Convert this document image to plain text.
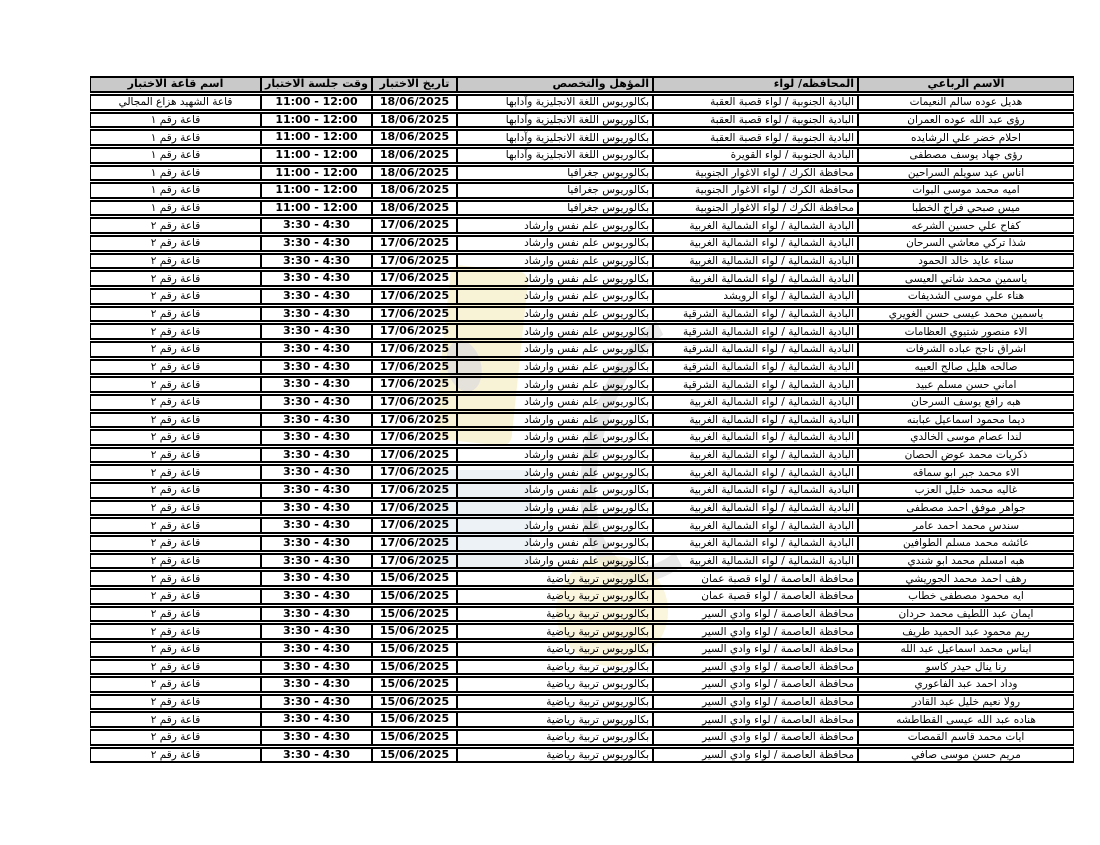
الاسم الرباعي	المحافظه/ لواء	المؤهل والتخصص	تاريخ الاختبار	وقت جلسة الاختبار	اسم قاعة الاختبار
هديل عوده سالم النعيمات	البادية الجنوبية / لواء قصبة العقبة	بكالوريوس اللغة الانجليزية وآدابها	18/06/2025	11:00 - 12:00	قاعة الشهيد هزاع المجالي
رؤى عبد الله عوده العمران	البادية الجنوبية / لواء قصبة العقبة	بكالوريوس اللغة الانجليزية وآدابها	18/06/2025	11:00 - 12:00	قاعة رقم ١
احلام خضر علي الرشايده	البادية الجنوبية / لواء قصبة العقبة	بكالوريوس اللغة الانجليزية وآدابها	18/06/2025	11:00 - 12:00	قاعة رقم ١
رؤى جهاد يوسف مصطفى	البادية الجنوبية / لواء القويرة	بكالوريوس اللغة الانجليزية وآدابها	18/06/2025	11:00 - 12:00	قاعة رقم ١
اناس عيد سويلم السراحين	محافظة الكرك / لواء الاغوار الجنوبية	بكالوريوس جغرافيا	18/06/2025	11:00 - 12:00	قاعة رقم ١
اميه محمد موسى البوات	محافظة الكرك / لواء الاغوار الجنوبية	بكالوريوس جغرافيا	18/06/2025	11:00 - 12:00	قاعة رقم ١
ميس صبحي فراج الخطبا	محافظة الكرك / لواء الاغوار الجنوبية	بكالوريوس جغرافيا	18/06/2025	11:00 - 12:00	قاعة رقم ١
كفاح علي حسين الشرعه	البادية الشمالية / لواء الشمالية الغربية	بكالوريوس علم نفس وارشاد	17/06/2025	3:30 - 4:30	قاعة رقم ٢
شذا تركي معاشي السرحان	البادية الشمالية / لواء الشمالية الغربية	بكالوريوس علم نفس وارشاد	17/06/2025	3:30 - 4:30	قاعة رقم ٢
سناء عايد خالد الحمود	البادية الشمالية / لواء الشمالية الغربية	بكالوريوس علم نفس وارشاد	17/06/2025	3:30 - 4:30	قاعة رقم ٢
ياسمين محمد شاتي العيسى	البادية الشمالية / لواء الشمالية الغربية	بكالوريوس علم نفس وارشاد	17/06/2025	3:30 - 4:30	قاعة رقم ٢
هناء علي موسى الشديفات	البادية الشمالية / لواء الرويشد	بكالوريوس علم نفس وارشاد	17/06/2025	3:30 - 4:30	قاعة رقم ٢
ياسمين محمد عيسى حسن الغويري	البادية الشمالية / لواء الشمالية الشرقية	بكالوريوس علم نفس وارشاد	17/06/2025	3:30 - 4:30	قاعة رقم ٢
الاء منصور شتيوي العظامات	البادية الشمالية / لواء الشمالية الشرقية	بكالوريوس علم نفس وارشاد	17/06/2025	3:30 - 4:30	قاعة رقم ٢
اشراق ناجح عباده الشرفات	البادية الشمالية / لواء الشمالية الشرقية	بكالوريوس علم نفس وارشاد	17/06/2025	3:30 - 4:30	قاعة رقم ٢
صالحه هليل صالح العبيه	البادية الشمالية / لواء الشمالية الشرقية	بكالوريوس علم نفس وارشاد	17/06/2025	3:30 - 4:30	قاعة رقم ٢
اماني حسن مسلم عبيد	البادية الشمالية / لواء الشمالية الشرقية	بكالوريوس علم نفس وارشاد	17/06/2025	3:30 - 4:30	قاعة رقم ٢
هبه رافع يوسف السرحان	البادية الشمالية / لواء الشمالية الغربية	بكالوريوس علم نفس وارشاد	17/06/2025	3:30 - 4:30	قاعة رقم ٢
ديما محمود اسماعيل عبابنه	البادية الشمالية / لواء الشمالية الغربية	بكالوريوس علم نفس وارشاد	17/06/2025	3:30 - 4:30	قاعة رقم ٢
لندا عصام موسى الخالدي	البادية الشمالية / لواء الشمالية الغربية	بكالوريوس علم نفس وارشاد	17/06/2025	3:30 - 4:30	قاعة رقم ٢
ذكريات محمد عوض الحصان	البادية الشمالية / لواء الشمالية الغربية	بكالوريوس علم نفس وارشاد	17/06/2025	3:30 - 4:30	قاعة رقم ٢
الاء محمد جبر ابو سماقه	البادية الشمالية / لواء الشمالية الغربية	بكالوريوس علم نفس وارشاد	17/06/2025	3:30 - 4:30	قاعة رقم ٢
غاليه محمد خليل العزب	البادية الشمالية / لواء الشمالية الغربية	بكالوريوس علم نفس وارشاد	17/06/2025	3:30 - 4:30	قاعة رقم ٢
جواهر موفق احمد مصطفى	البادية الشمالية / لواء الشمالية الغربية	بكالوريوس علم نفس وارشاد	17/06/2025	3:30 - 4:30	قاعة رقم ٢
سندس محمد احمد عامر	البادية الشمالية / لواء الشمالية الغربية	بكالوريوس علم نفس وارشاد	17/06/2025	3:30 - 4:30	قاعة رقم ٢
عائشه محمد مسلم الطوافين	البادية الشمالية / لواء الشمالية الغربية	بكالوريوس علم نفس وارشاد	17/06/2025	3:30 - 4:30	قاعة رقم ٢
هبه امسلم محمد ابو شندي	البادية الشمالية / لواء الشمالية الغربية	بكالوريوس علم نفس وارشاد	17/06/2025	3:30 - 4:30	قاعة رقم ٢
رهف احمد محمد الجوريشي	محافظة العاصمة / لواء قصبة عمان	بكالوريوس تربية رياضية	15/06/2025	3:30 - 4:30	قاعة رقم ٢
ايه محمود مصطفى خطاب	محافظة العاصمة / لواء قصبة عمان	بكالوريوس تربية رياضية	15/06/2025	3:30 - 4:30	قاعة رقم ٢
ايمان عبد اللطيف محمد حردان	محافظة العاصمة / لواء وادي السير	بكالوريوس تربية رياضية	15/06/2025	3:30 - 4:30	قاعة رقم ٢
ريم محمود عبد الحميد طريف	محافظة العاصمة / لواء وادي السير	بكالوريوس تربية رياضية	15/06/2025	3:30 - 4:30	قاعة رقم ٢
ايناس محمد اسماعيل عبد الله	محافظة العاصمة / لواء وادي السير	بكالوريوس تربية رياضية	15/06/2025	3:30 - 4:30	قاعة رقم ٢
رنا ينال حيدر كاسو	محافظة العاصمة / لواء وادي السير	بكالوريوس تربية رياضية	15/06/2025	3:30 - 4:30	قاعة رقم ٢
وداد احمد عبد الفاعوري	محافظة العاصمة / لواء وادي السير	بكالوريوس تربية رياضية	15/06/2025	3:30 - 4:30	قاعة رقم ٢
رولا نعيم خليل عبد القادر	محافظة العاصمة / لواء وادي السير	بكالوريوس تربية رياضية	15/06/2025	3:30 - 4:30	قاعة رقم ٢
هناده عبد الله عيسى القطاطشه	محافظة العاصمة / لواء وادي السير	بكالوريوس تربية رياضية	15/06/2025	3:30 - 4:30	قاعة رقم ٢
ايات محمد قاسم القمصات	محافظة العاصمة / لواء وادي السير	بكالوريوس تربية رياضية	15/06/2025	3:30 - 4:30	قاعة رقم ٢
مريم حسن موسى صافي	محافظة العاصمة / لواء وادي السير	بكالوريوس تربية رياضية	15/06/2025	3:30 - 4:30	قاعة رقم ٢
